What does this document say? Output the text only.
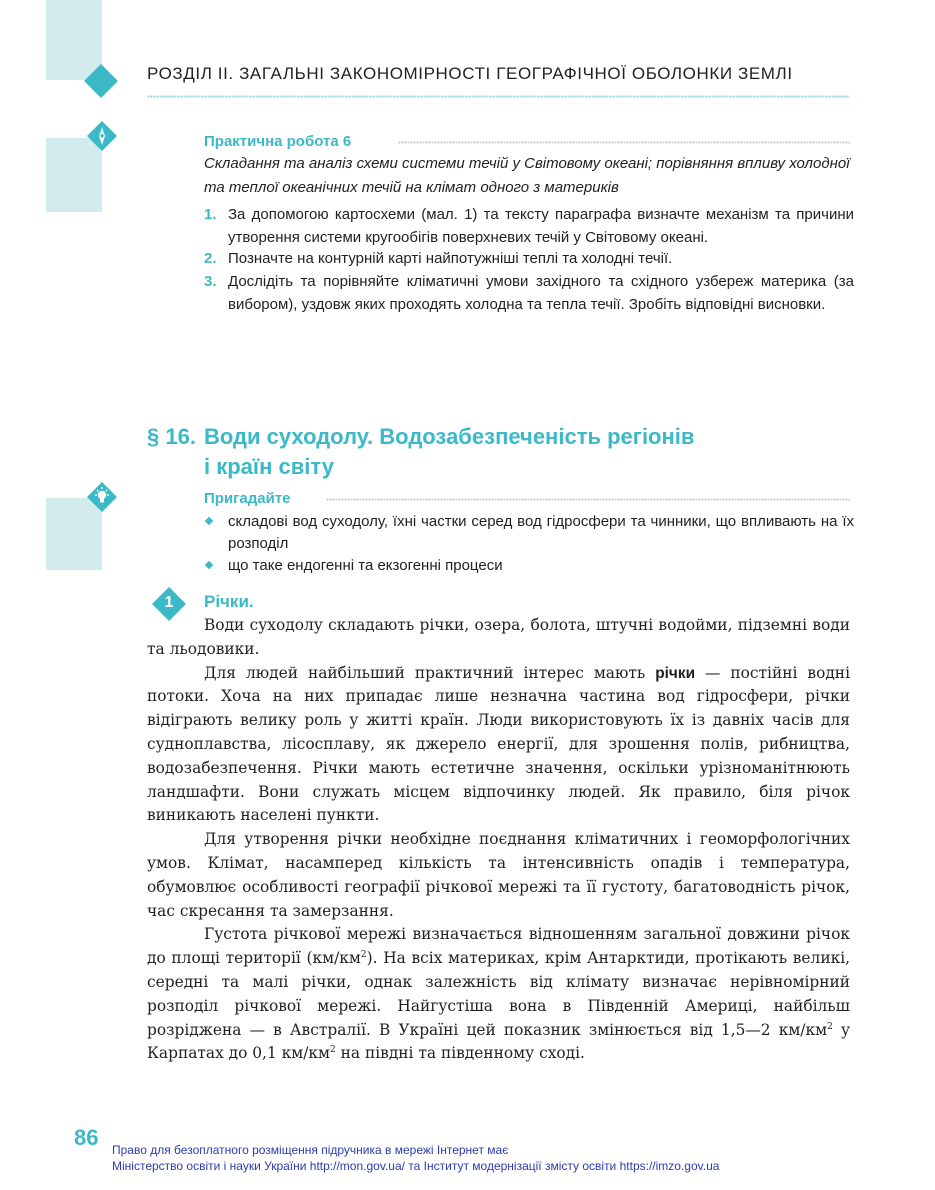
РОЗДІЛ ІІ. ЗАГАЛЬНІ ЗАКОНОМІРНОСТІ ГЕОГРАФІЧНОЇ ОБОЛОНКИ ЗЕМЛІ
Практична робота 6
Складання та аналіз схеми системи течій у Світовому океані; порівняння впливу холодної та теплої океанічних течій на клімат одного з материків
1. За допомогою картосхеми (мал. 1) та тексту параграфа визначте механізм та причини утворення системи кругообігів поверхневих течій у Світовому океані.
2. Позначте на контурній карті найпотужніші теплі та холодні течії.
3. Дослідіть та порівняйте кліматичні умови західного та східного узбереж материка (за вибором), уздовж яких проходять холодна та тепла течії. Зробіть відповідні висновки.
§ 16. Води суходолу. Водозабезпеченість регіонів
і країн світу
Пригадайте
складові вод суходолу, їхні частки серед вод гідросфери та чинники, що впливають на їх розподіл
що таке ендогенні та екзогенні процеси
1	Річки.

Води суходолу складають річки, озера, болота, штучні водойми, підземні води та льодовики.

Для людей найбільший практичний інтерес мають річки — постійні водні потоки. Хоча на них припадає лише незначна частина вод гідросфери, річки відіграють велику роль у житті країн. Люди використовують їх із давніх часів для судноплавства, лісосплаву, як джерело енергії, для зрошення полів, рибництва, водозабезпечення. Річки мають естетичне значення, оскільки урізноманітнюють ландшафти. Вони служать місцем відпочинку людей. Як правило, біля річок виникають населені пункти.

Для утворення річки необхідне поєднання кліматичних і геоморфологічних умов. Клімат, насамперед кількість та інтенсивність опадів і температура, обумовлює особливості географії річкової мережі та її густоту, багатоводність річок, час скресання та замерзання.

Густота річкової мережі визначається відношенням загальної довжини річок до площі території $(км/км^2)$. На всіх материках, крім Антарктиди, протікають великі, середні та малі річки, однак залежність від клімату визначає нерівномірний розподіл річкової мережі. Найгустіша вона в Південній Америці, найбільш розріджена — в Австралії. В Україні цей показник змінюється від 1,5—2 $км/км^2$ у Карпатах до 0,1 $км/км^2$ на півдні та південному сході.

86 Право для безоплатного розміщення підручника в мережі Інтернет має
Міністерство освіти і науки України http://mon.gov.ua/ та Інститут модернізації змісту освіти https://imzo.gov.ua
